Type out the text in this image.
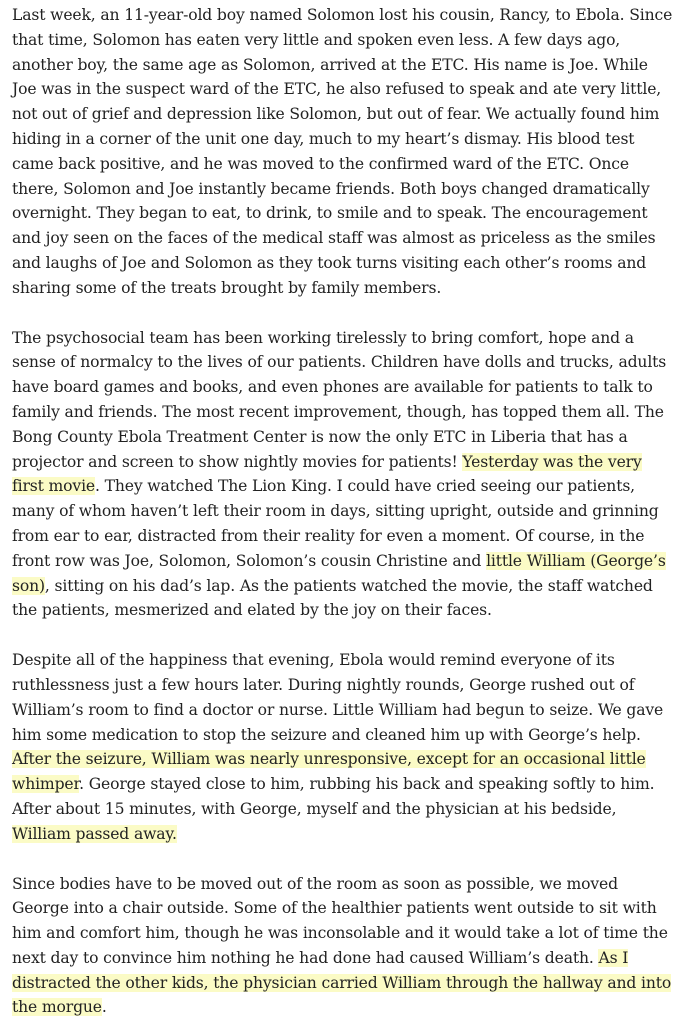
Last week, an 11-year-old boy named Solomon lost his cousin, Rancy, to Ebola. Since that time, Solomon has eaten very little and spoken even less. A few days ago, another boy, the same age as Solomon, arrived at the ETC. His name is Joe. While Joe was in the suspect ward of the ETC, he also refused to speak and ate very little, not out of grief and depression like Solomon, but out of fear. We actually found him hiding in a corner of the unit one day, much to my heart’s dismay. His blood test came back positive, and he was moved to the confirmed ward of the ETC. Once there, Solomon and Joe instantly became friends. Both boys changed dramatically overnight. They began to eat, to drink, to smile and to speak. The encouragement and joy seen on the faces of the medical staff was almost as priceless as the smiles and laughs of Joe and Solomon as they took turns visiting each other’s rooms and sharing some of the treats brought by family members.

The psychosocial team has been working tirelessly to bring comfort, hope and a sense of normalcy to the lives of our patients. Children have dolls and trucks, adults have board games and books, and even phones are available for patients to talk to family and friends. The most recent improvement, though, has topped them all. The Bong County Ebola Treatment Center is now the only ETC in Liberia that has a projector and screen to show nightly movies for patients! Yesterday was the very first movie. They watched The Lion King. I could have cried seeing our patients, many of whom haven’t left their room in days, sitting upright, outside and grinning from ear to ear, distracted from their reality for even a moment. Of course, in the front row was Joe, Solomon, Solomon’s cousin Christine and little William (George’s son), sitting on his dad’s lap. As the patients watched the movie, the staff watched the patients, mesmerized and elated by the joy on their faces.

Despite all of the happiness that evening, Ebola would remind everyone of its ruthlessness just a few hours later. During nightly rounds, George rushed out of William’s room to find a doctor or nurse. Little William had begun to seize. We gave him some medication to stop the seizure and cleaned him up with George’s help. After the seizure, William was nearly unresponsive, except for an occasional little whimper. George stayed close to him, rubbing his back and speaking softly to him. After about 15 minutes, with George, myself and the physician at his bedside, William passed away.

Since bodies have to be moved out of the room as soon as possible, we moved George into a chair outside. Some of the healthier patients went outside to sit with him and comfort him, though he was inconsolable and it would take a lot of time the next day to convince him nothing he had done had caused William’s death. As I distracted the other kids, the physician carried William through the hallway and into the morgue.
